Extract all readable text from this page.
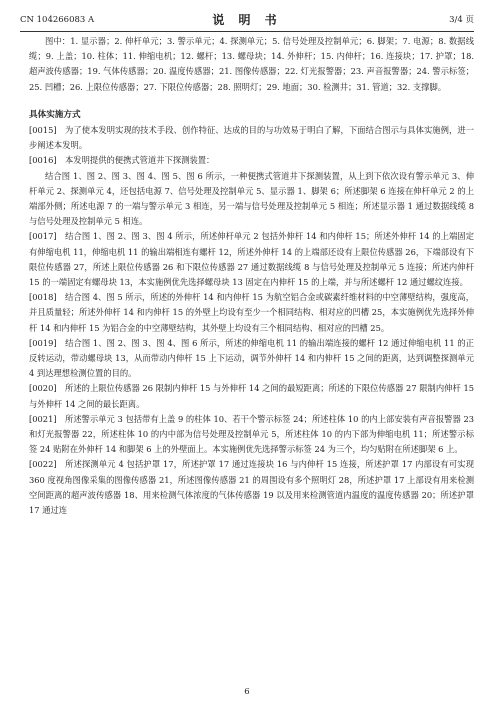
CN 104266083 A	说 明 书	3/4 页

图中：1. 显示器；2. 伸杆单元；3. 警示单元；4. 探测单元；5. 信号处理及控制单元；6. 脚架；7. 电源；8. 数据线缆；9. 上盖；10. 柱体；11. 伸缩电机；12. 螺杆；13. 螺母块；14. 外伸杆；15. 内伸杆；16. 连接块；17. 护罩；18. 超声波传感器；19. 气体传感器；20. 温度传感器；21. 图像传感器；22. 灯光报警器；23. 声音报警器；24. 警示标签；25. 凹槽；26. 上限位传感器；27. 下限位传感器；28. 照明灯；29. 地面；30. 检测井；31. 管道；32. 支撑脚。

具体实施方式

[0015] 为了使本发明实现的技术手段、创作特征、达成的目的与功效易于明白了解，下面结合图示与具体实施例，进一步阐述本发明。

[0016] 本发明提供的便携式管道井下探测装置：

结合图 1、图 2、图 3、图 4、图 5、图 6 所示，一种便携式管道井下探测装置，从上到下依次设有警示单元 3、伸杆单元 2、探测单元 4，还包括电源 7、信号处理及控制单元 5、显示器 1、脚架 6；所述脚架 6 连接在伸杆单元 2 的上端部外侧；所述电源 7 的一端与警示单元 3 相连，另一端与信号处理及控制单元 5 相连；所述显示器 1 通过数据线缆 8 与信号处理及控制单元 5 相连。

[0017] 结合图 1、图 2、图 3、图 4 所示，所述伸杆单元 2 包括外伸杆 14 和内伸杆 15；所述外伸杆 14 的上端固定有伸缩电机 11，伸缩电机 11 的输出端相连有螺杆 12，所述外伸杆 14 的上端部还设有上限位传感器 26，下端部设有下限位传感器 27，所述上限位传感器 26 和下限位传感器 27 通过数据线缆 8 与信号处理及控制单元 5 连接；所述内伸杆 15 的一端固定有螺母块 13，本实施例优先选择螺母块 13 固定在内伸杆 15 的上端，并与所述螺杆 12 通过螺纹连接。

[0018] 结合图 4、图 5 所示，所述的外伸杆 14 和内伸杆 15 为航空铝合金或碳素纤维材料的中空薄壁结构，强度高，并且质量轻；所述外伸杆 14 和内伸杆 15 的外壁上均设有至少一个相同结构、相对应的凹槽 25，本实施例优先选择外伸杆 14 和内伸杆 15 为铝合金的中空薄壁结构，其外壁上均设有三个相同结构、相对应的凹槽 25。

[0019] 结合图 1、图 2、图 3、图 4、图 6 所示，所述的伸缩电机 11 的输出端连接的螺杆 12 通过伸缩电机 11 的正反转运动，带动螺母块 13，从而带动内伸杆 15 上下运动，调节外伸杆 14 和内伸杆 15 之间的距离，达到调整探测单元 4 到达理想检测位置的目的。

[0020] 所述的上限位传感器 26 限制内伸杆 15 与外伸杆 14 之间的最短距离；所述的下限位传感器 27 限制内伸杆 15 与外伸杆 14 之间的最长距离。

[0021] 所述警示单元 3 包括带有上盖 9 的柱体 10、若干个警示标签 24；所述柱体 10 的内上部安装有声音报警器 23 和灯光报警器 22，所述柱体 10 的内中部为信号处理及控制单元 5，所述柱体 10 的内下部为伸缩电机 11；所述警示标签 24 贴附在外伸杆 14 和脚架 6 上的外壁面上。本实施例优先选择警示标签 24 为三个，均匀贴附在所述脚架 6 上。

[0022] 所述探测单元 4 包括护罩 17，所述护罩 17 通过连接块 16 与内伸杆 15 连接，所述护罩 17 内部设有可实现 360 度视角图像采集的图像传感器 21，所述图像传感器 21 的周围设有多个照明灯 28，所述护罩 17 上部设有用来检测空间距离的超声波传感器 18、用来检测气体浓度的气体传感器 19 以及用来检测管道内温度的温度传感器 20；所述护罩 17 通过连

6
